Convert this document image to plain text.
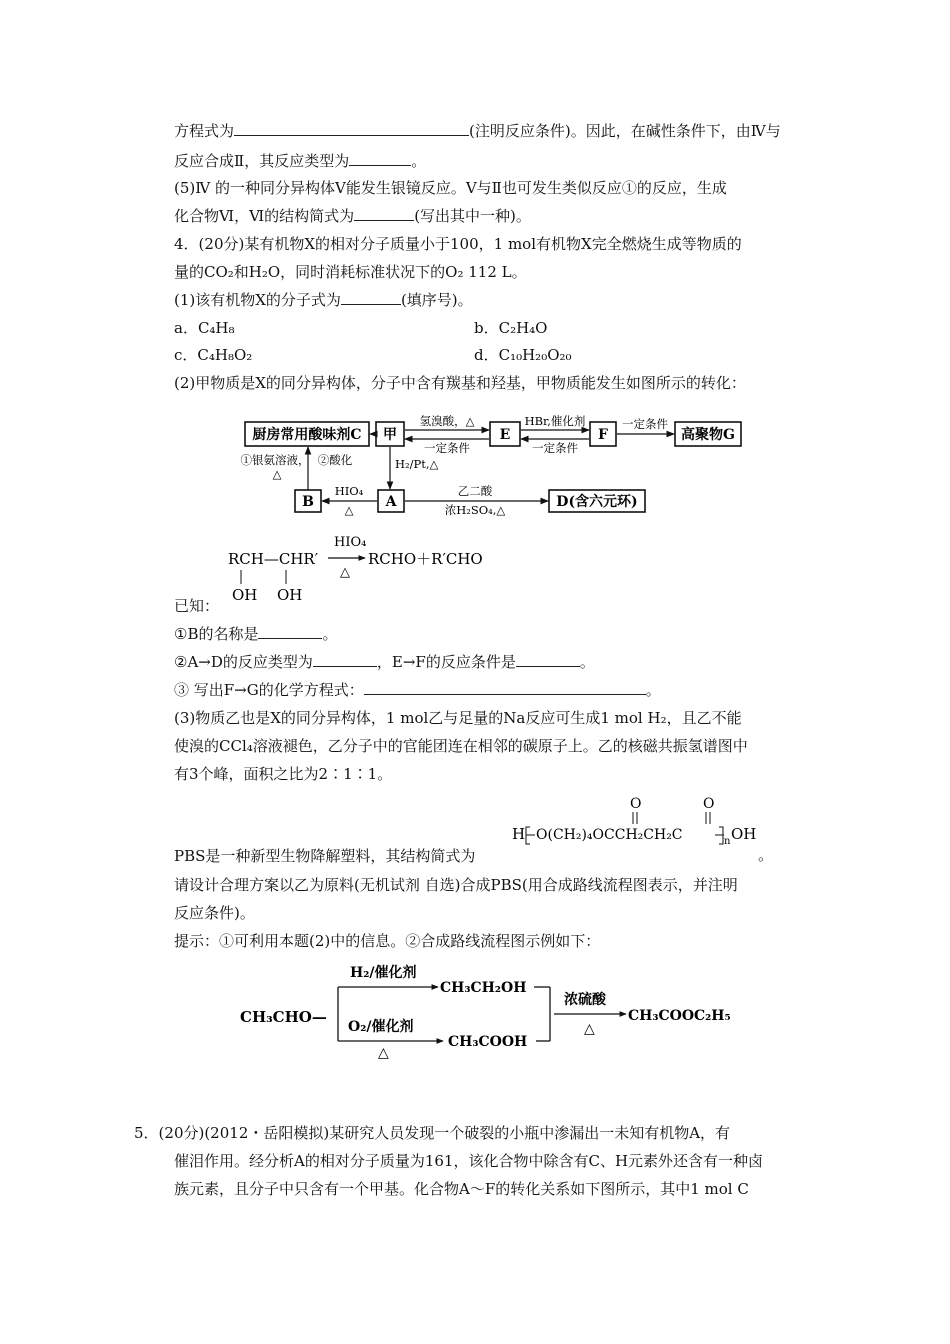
方程式为	(注明反应条件)。因此，在碱性条件下，由Ⅳ与
反应合成Ⅱ，其反应类型为	。
(5)Ⅳ 的一种同分异构体Ⅴ能发生银镜反应。Ⅴ与Ⅱ也可发生类似反应①的反应，生成
化合物Ⅵ，Ⅵ的结构简式为	(写出其中一种)。
4．(20分)某有机物X的相对分子质量小于100，1 mol有机物X完全燃烧生成等物质的
量的CO₂和H₂O，同时消耗标准状况下的O₂ 112 L。
(1)该有机物X的分子式为	(填序号)。
a．C₄H₈	b．C₂H₄O
c．C₄H₈O₂	d．C₁₀H₂₀O₂₀
(2)甲物质是X的同分异构体，分子中含有羰基和羟基，甲物质能发生如图所示的转化：
厨房常用酸味剂C 甲	E	F	高聚物G
B	A	D(含六元环)
氢溴酸，△
一定条件
HBr,催化剂
一定条件
一定条件
①银氨溶液，
△
②酸化	H₂/Pt,△
HIO₄
△
乙二酸
浓H₂SO₄,△
RCH—CHR′
HIO₄
△
RCHO＋R′CHO
OH OH
已知：
①B的名称是	。
②A→D的反应类型为	，E→F的反应条件是	。
③ 写出F→G的化学方程式：	。
(3)物质乙也是X的同分异构体，1 mol乙与足量的Na反应可生成1 mol H₂，且乙不能
使溴的CCl₄溶液褪色，乙分子中的官能团连在相邻的碳原子上。乙的核磁共振氢谱图中
有3个峰，面积之比为2∶1∶1。
PBS是一种新型生物降解塑料，其结构简式为
O	O
H O(CH₂)₄OCCH₂CH₂C	n OH
。
请设计合理方案以乙为原料(无机试剂 自选)合成PBS(用合成路线流程图表示，并注明
反应条件)。
提示：①可利用本题(2)中的信息。②合成路线流程图示例如下：
CH₃CHO—
H₂/催化剂
CH₃CH₂OH
O₂/催化剂
△
CH₃COOH
浓硫酸
△
CH₃COOC₂H₅
5．(20分)(2012・岳阳模拟)某研究人员发现一个破裂的小瓶中渗漏出一未知有机物A，有
催泪作用。经分析A的相对分子质量为161，该化合物中除含有C、H元素外还含有一种卤
族元素，且分子中只含有一个甲基。化合物A～F的转化关系如下图所示，其中1 mol C
